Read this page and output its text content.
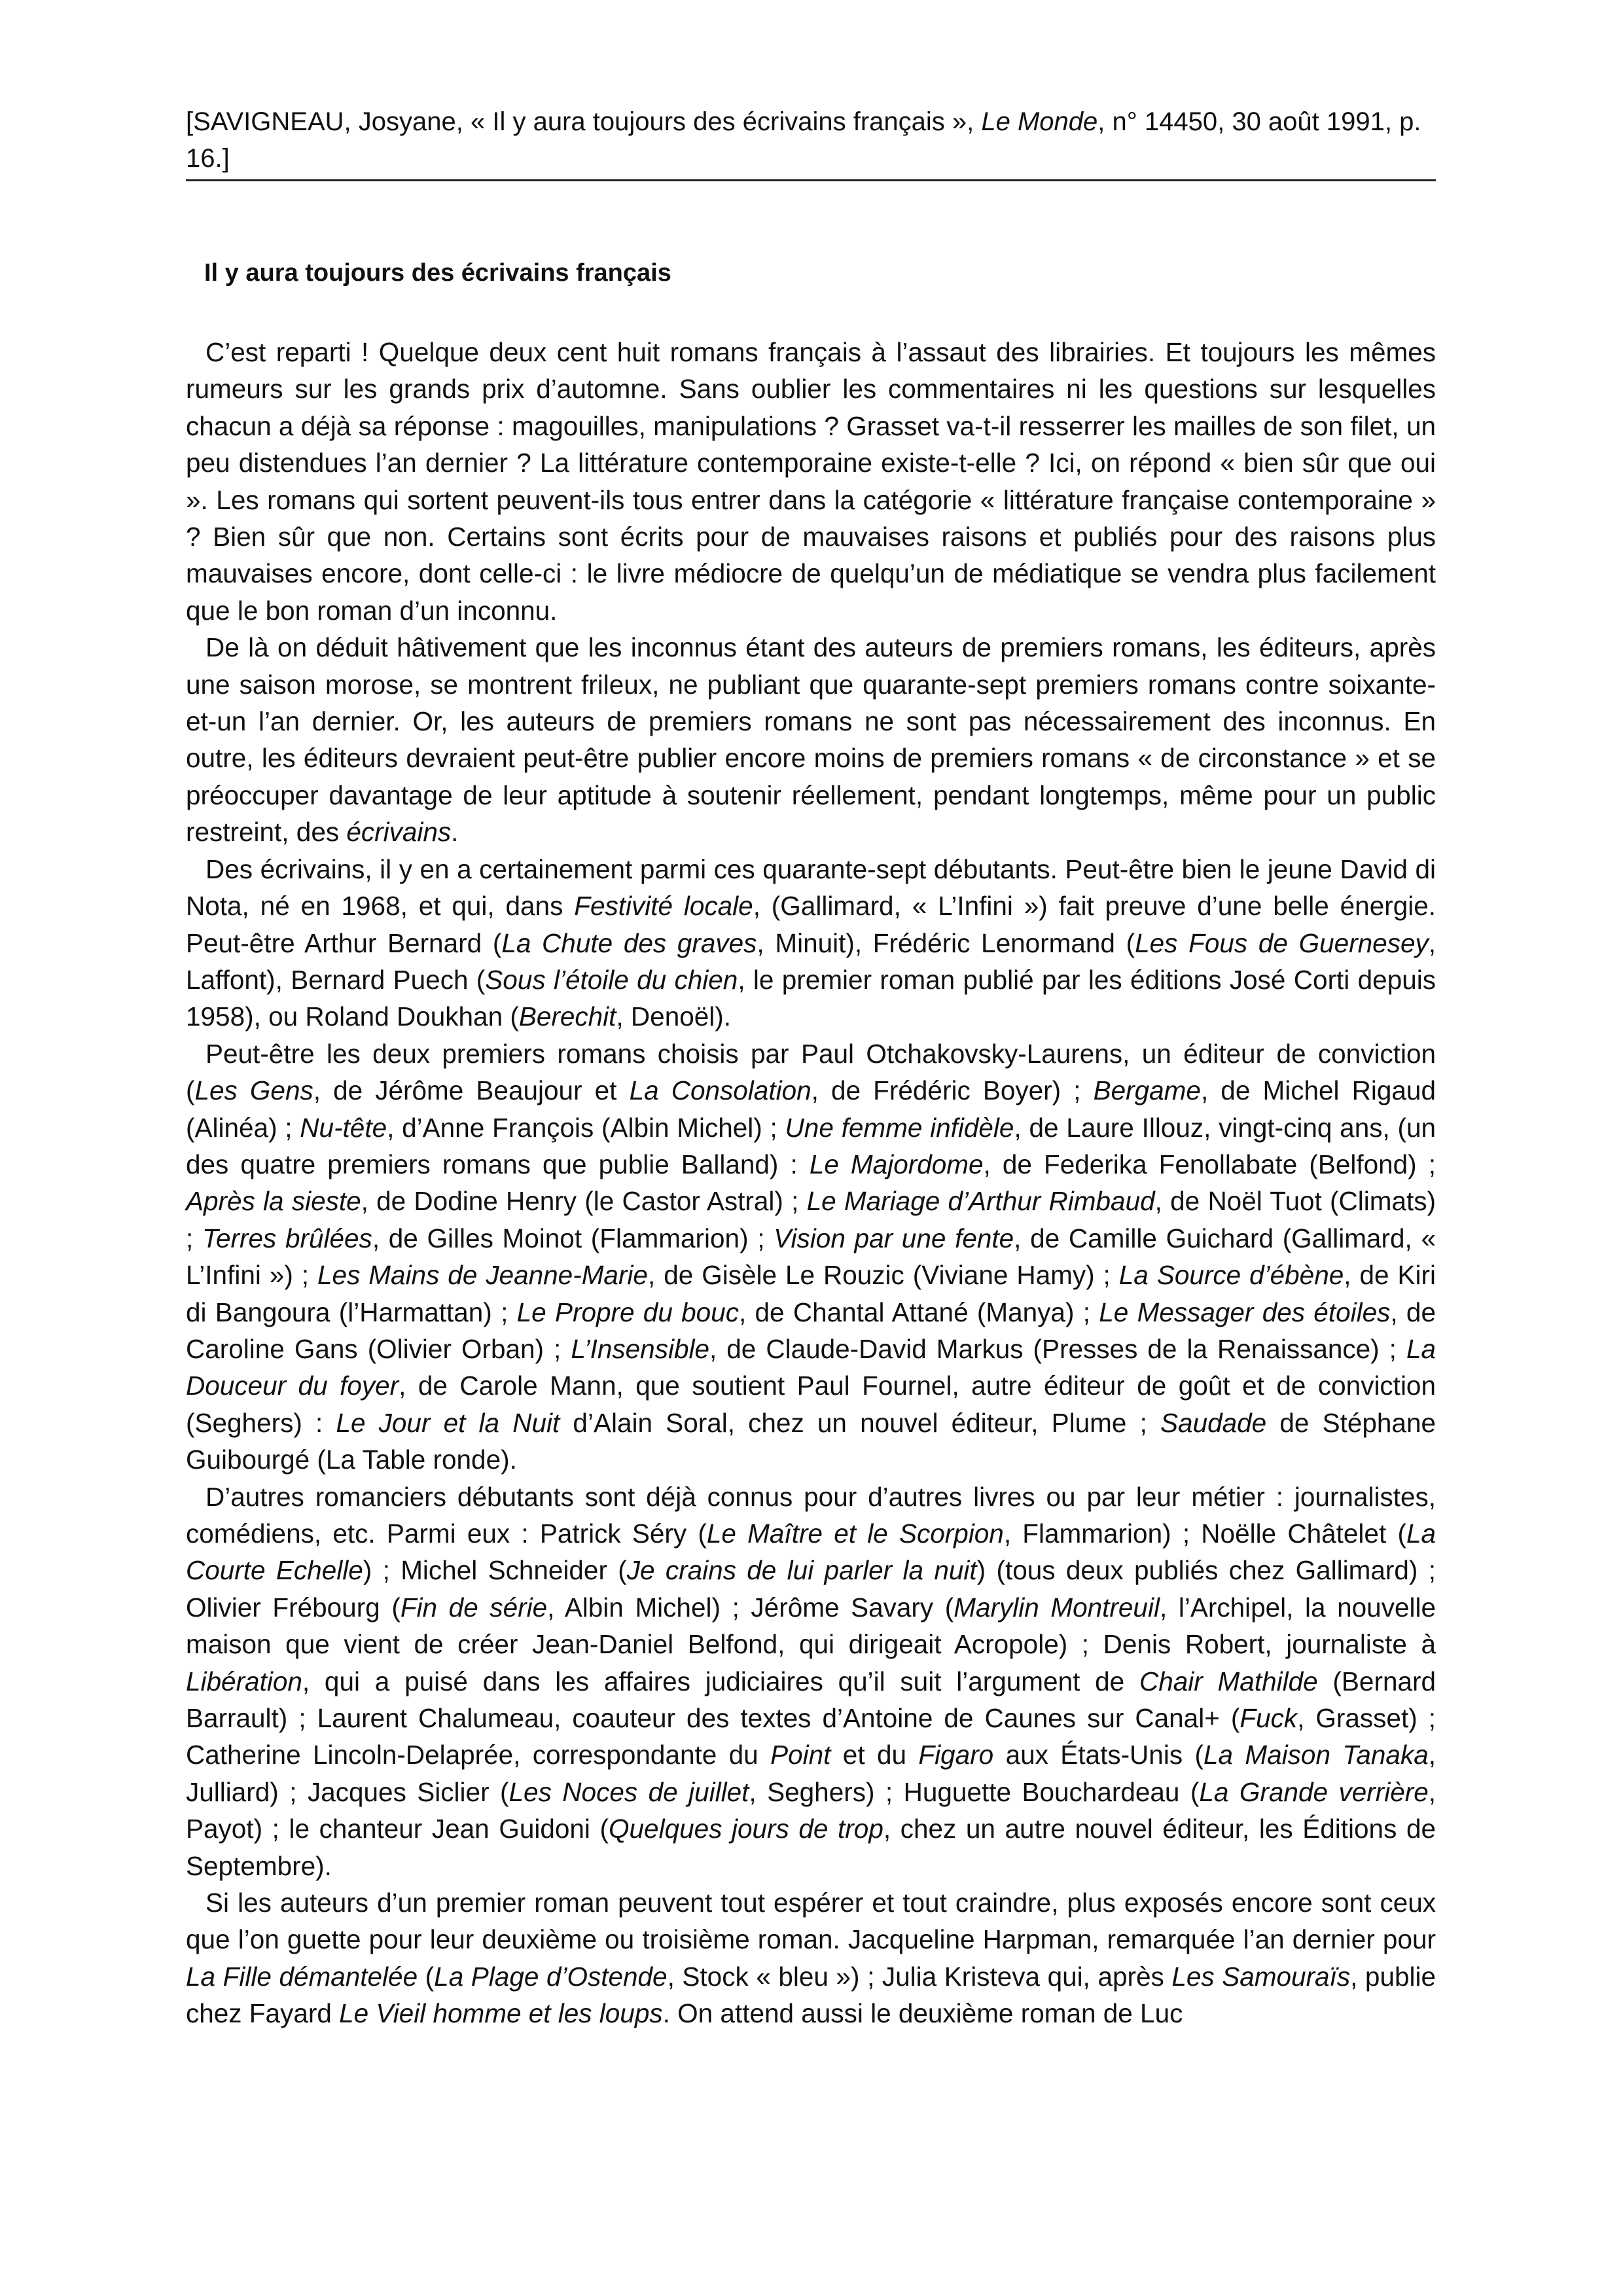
[SAVIGNEAU, Josyane, « Il y aura toujours des écrivains français », Le Monde, n° 14450, 30 août 1991, p. 16.]
Il y aura toujours des écrivains français

C’est reparti ! Quelque deux cent huit romans français à l’assaut des librairies. Et toujours les mêmes rumeurs sur les grands prix d’automne. Sans oublier les commentaires ni les questions sur lesquelles chacun a déjà sa réponse : magouilles, manipulations ? Grasset va-t-il resserrer les mailles de son filet, un peu distendues l’an dernier ? La littérature contemporaine existe-t-elle ? Ici, on répond « bien sûr que oui ». Les romans qui sortent peuvent-ils tous entrer dans la catégorie « littérature française contemporaine » ? Bien sûr que non. Certains sont écrits pour de mauvaises raisons et publiés pour des raisons plus mauvaises encore, dont celle-ci : le livre médiocre de quelqu’un de médiatique se vendra plus facilement que le bon roman d’un inconnu.

De là on déduit hâtivement que les inconnus étant des auteurs de premiers romans, les éditeurs, après une saison morose, se montrent frileux, ne publiant que quarante-sept premiers romans contre soixante-et-un l’an dernier. Or, les auteurs de premiers romans ne sont pas nécessairement des inconnus. En outre, les éditeurs devraient peut-être publier encore moins de premiers romans « de circonstance » et se préoccuper davantage de leur aptitude à soutenir réellement, pendant longtemps, même pour un public restreint, des écrivains.

Des écrivains, il y en a certainement parmi ces quarante-sept débutants. Peut-être bien le jeune David di Nota, né en 1968, et qui, dans Festivité locale, (Gallimard, « L’Infini ») fait preuve d’une belle énergie. Peut-être Arthur Bernard (La Chute des graves, Minuit), Frédéric Lenormand (Les Fous de Guernesey, Laffont), Bernard Puech (Sous l’étoile du chien, le premier roman publié par les éditions José Corti depuis 1958), ou Roland Doukhan (Berechit, Denoël).

Peut-être les deux premiers romans choisis par Paul Otchakovsky-Laurens, un éditeur de conviction (Les Gens, de Jérôme Beaujour et La Consolation, de Frédéric Boyer) ; Bergame, de Michel Rigaud (Alinéa) ; Nu-tête, d’Anne François (Albin Michel) ; Une femme infidèle, de Laure Illouz, vingt-cinq ans, (un des quatre premiers romans que publie Balland) : Le Majordome, de Federika Fenollabate (Belfond) ; Après la sieste, de Dodine Henry (le Castor Astral) ; Le Mariage d’Arthur Rimbaud, de Noël Tuot (Climats) ; Terres brûlées, de Gilles Moinot (Flammarion) ; Vision par une fente, de Camille Guichard (Gallimard, « L’Infini ») ; Les Mains de Jeanne-Marie, de Gisèle Le Rouzic (Viviane Hamy) ; La Source d’ébène, de Kiri di Bangoura (l’Harmattan) ; Le Propre du bouc, de Chantal Attané (Manya) ; Le Messager des étoiles, de Caroline Gans (Olivier Orban) ; L’Insensible, de Claude-David Markus (Presses de la Renaissance) ; La Douceur du foyer, de Carole Mann, que soutient Paul Fournel, autre éditeur de goût et de conviction (Seghers) : Le Jour et la Nuit d’Alain Soral, chez un nouvel éditeur, Plume ; Saudade de Stéphane Guibourgé (La Table ronde).

D’autres romanciers débutants sont déjà connus pour d’autres livres ou par leur métier : journalistes, comédiens, etc. Parmi eux : Patrick Séry (Le Maître et le Scorpion, Flammarion) ; Noëlle Châtelet (La Courte Echelle) ; Michel Schneider (Je crains de lui parler la nuit) (tous deux publiés chez Gallimard) ; Olivier Frébourg (Fin de série, Albin Michel) ; Jérôme Savary (Marylin Montreuil, l’Archipel, la nouvelle maison que vient de créer Jean-Daniel Belfond, qui dirigeait Acropole) ; Denis Robert, journaliste à Libération, qui a puisé dans les affaires judiciaires qu’il suit l’argument de Chair Mathilde (Bernard Barrault) ; Laurent Chalumeau, coauteur des textes d’Antoine de Caunes sur Canal+ (Fuck, Grasset) ; Catherine Lincoln-Delaprée, correspondante du Point et du Figaro aux États-Unis (La Maison Tanaka, Julliard) ; Jacques Siclier (Les Noces de juillet, Seghers) ; Huguette Bouchardeau (La Grande verrière, Payot) ; le chanteur Jean Guidoni (Quelques jours de trop, chez un autre nouvel éditeur, les Éditions de Septembre).

Si les auteurs d’un premier roman peuvent tout espérer et tout craindre, plus exposés encore sont ceux que l’on guette pour leur deuxième ou troisième roman. Jacqueline Harpman, remarquée l’an dernier pour La Fille démantelée (La Plage d’Ostende, Stock « bleu ») ; Julia Kristeva qui, après Les Samouraïs, publie chez Fayard Le Vieil homme et les loups. On attend aussi le deuxième roman de Luc
